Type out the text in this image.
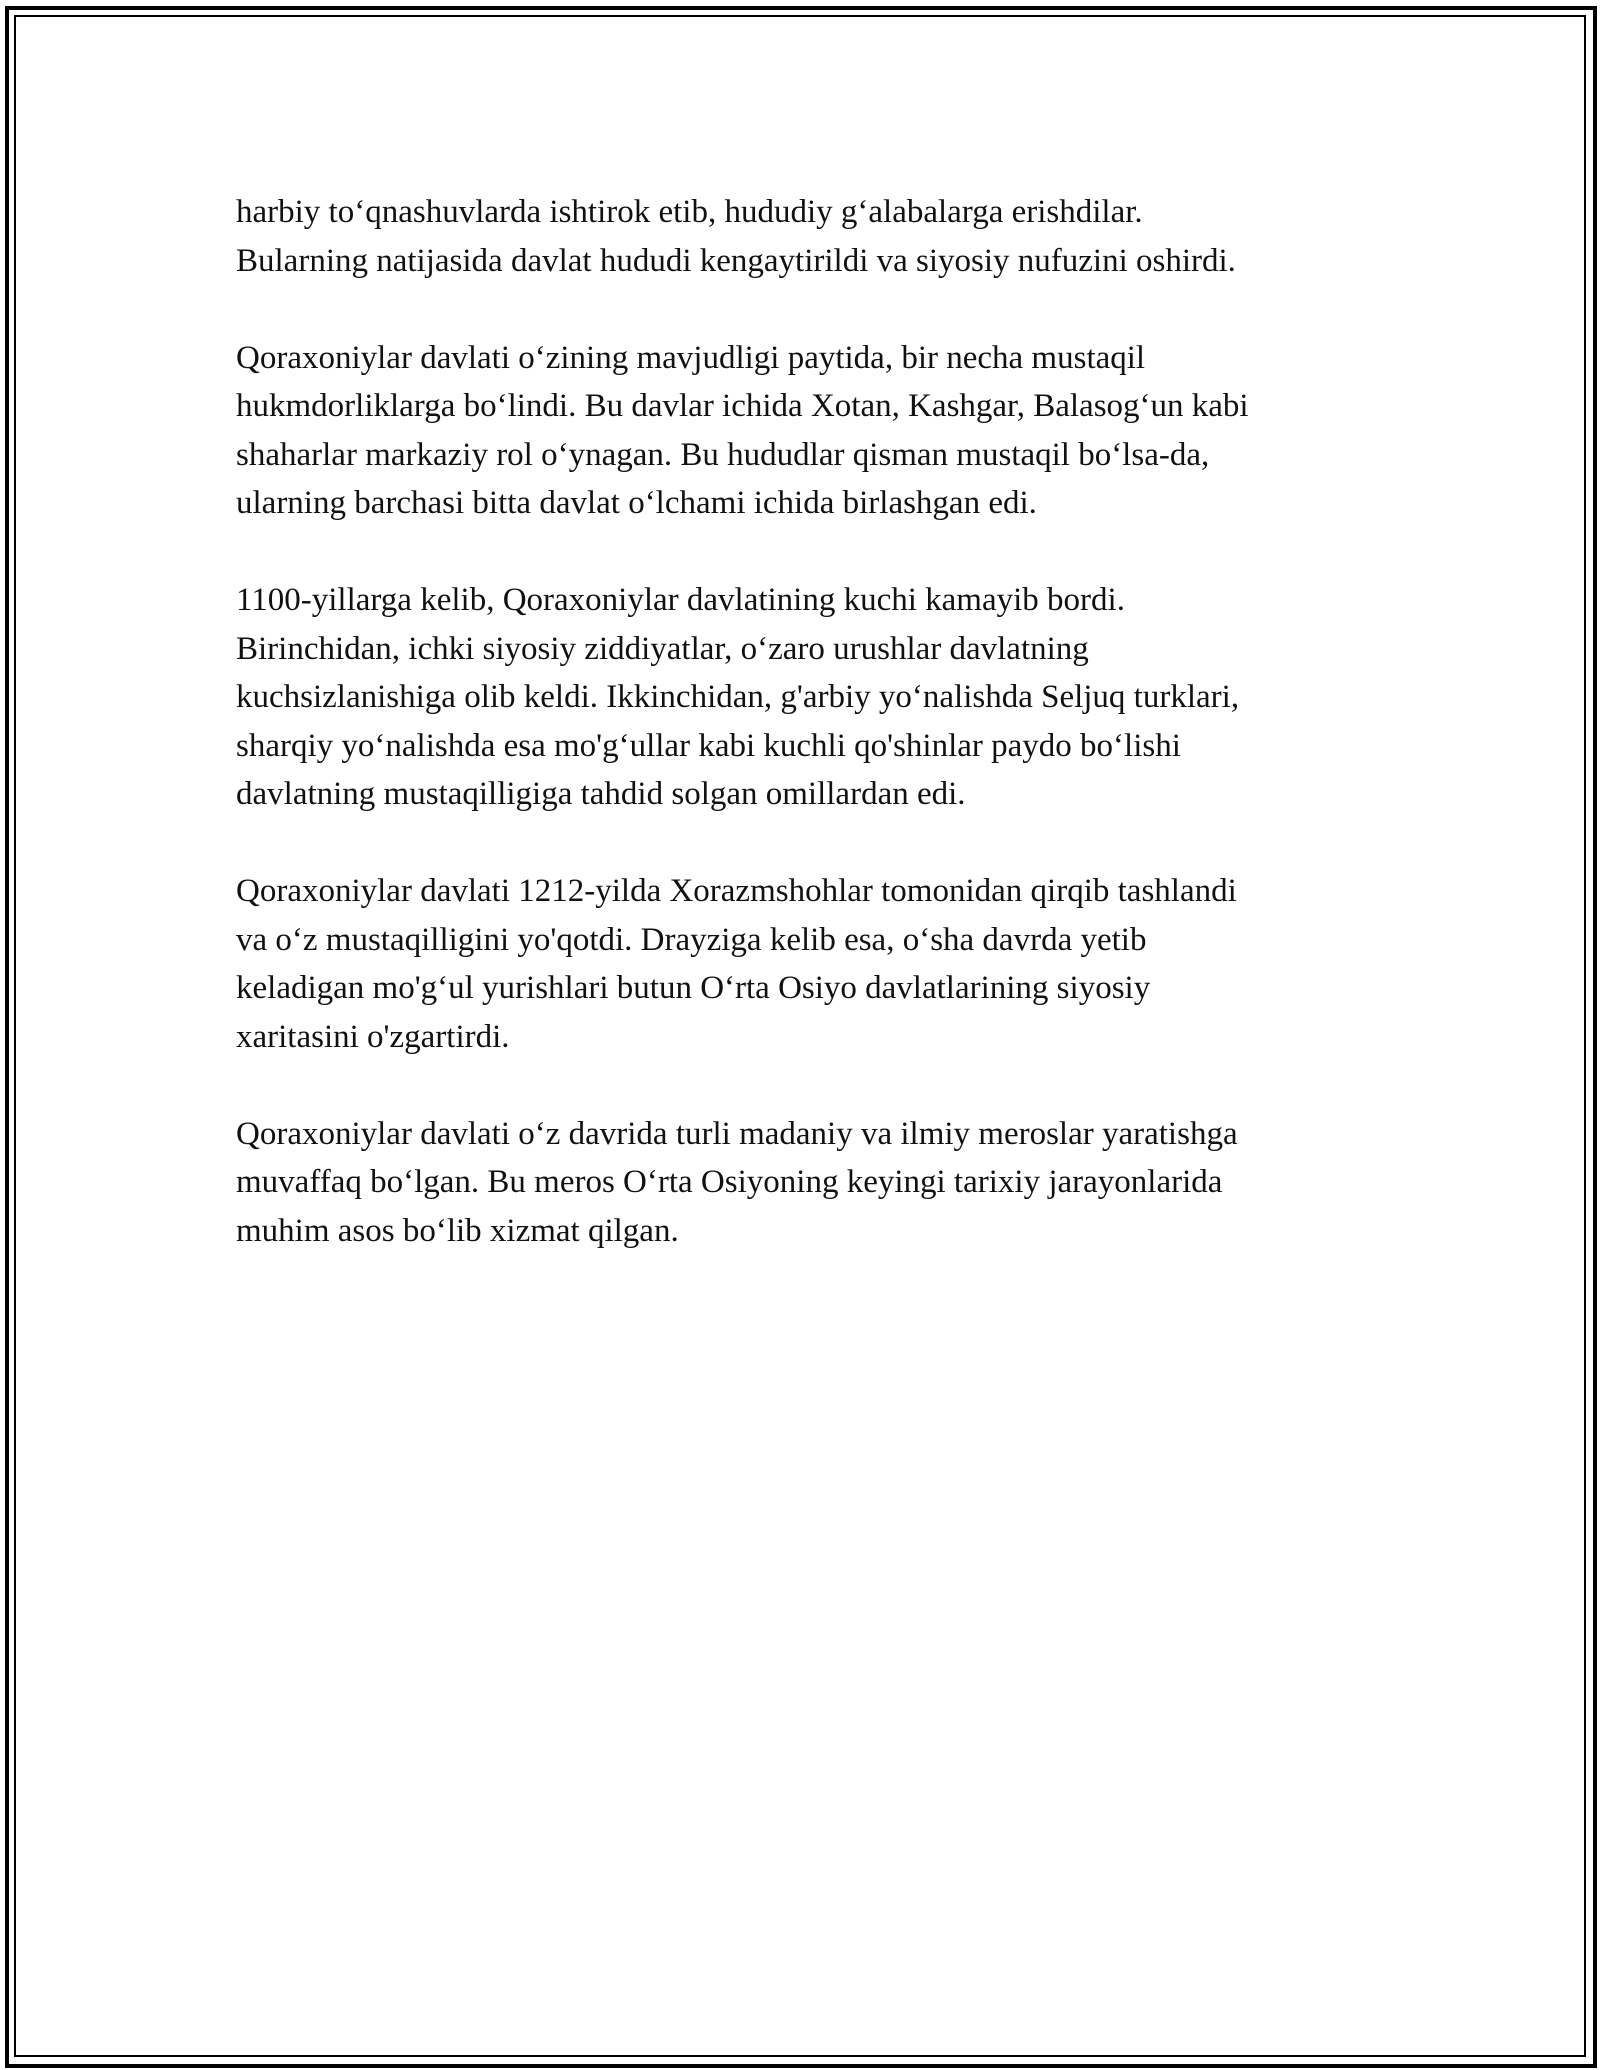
harbiy to‘qnashuvlarda ishtirok etib, hududiy g‘alabalarga erishdilar.
Bularning natijasida davlat hududi kengaytirildi va siyosiy nufuzini oshirdi.

Qoraxoniylar davlati o‘zining mavjudligi paytida, bir necha mustaqil
hukmdorliklarga bo‘lindi. Bu davlar ichida Xotan, Kashgar, Balasog‘un kabi
shaharlar markaziy rol o‘ynagan. Bu hududlar qisman mustaqil bo‘lsa-da,
ularning barchasi bitta davlat o‘lchami ichida birlashgan edi.

1100-yillarga kelib, Qoraxoniylar davlatining kuchi kamayib bordi.
Birinchidan, ichki siyosiy ziddiyatlar, o‘zaro urushlar davlatning
kuchsizlanishiga olib keldi. Ikkinchidan, g'arbiy yo‘nalishda Seljuq turklari,
sharqiy yo‘nalishda esa mo'g‘ullar kabi kuchli qo'shinlar paydo bo‘lishi
davlatning mustaqilligiga tahdid solgan omillardan edi.

Qoraxoniylar davlati 1212-yilda Xorazmshohlar tomonidan qirqib tashlandi
va o‘z mustaqilligini yo'qotdi. Drayziga kelib esa, o‘sha davrda yetib
keladigan mo'g‘ul yurishlari butun O‘rta Osiyo davlatlarining siyosiy
xaritasini o'zgartirdi.

Qoraxoniylar davlati o‘z davrida turli madaniy va ilmiy meroslar yaratishga
muvaffaq bo‘lgan. Bu meros O‘rta Osiyoning keyingi tarixiy jarayonlarida
muhim asos bo‘lib xizmat qilgan.
